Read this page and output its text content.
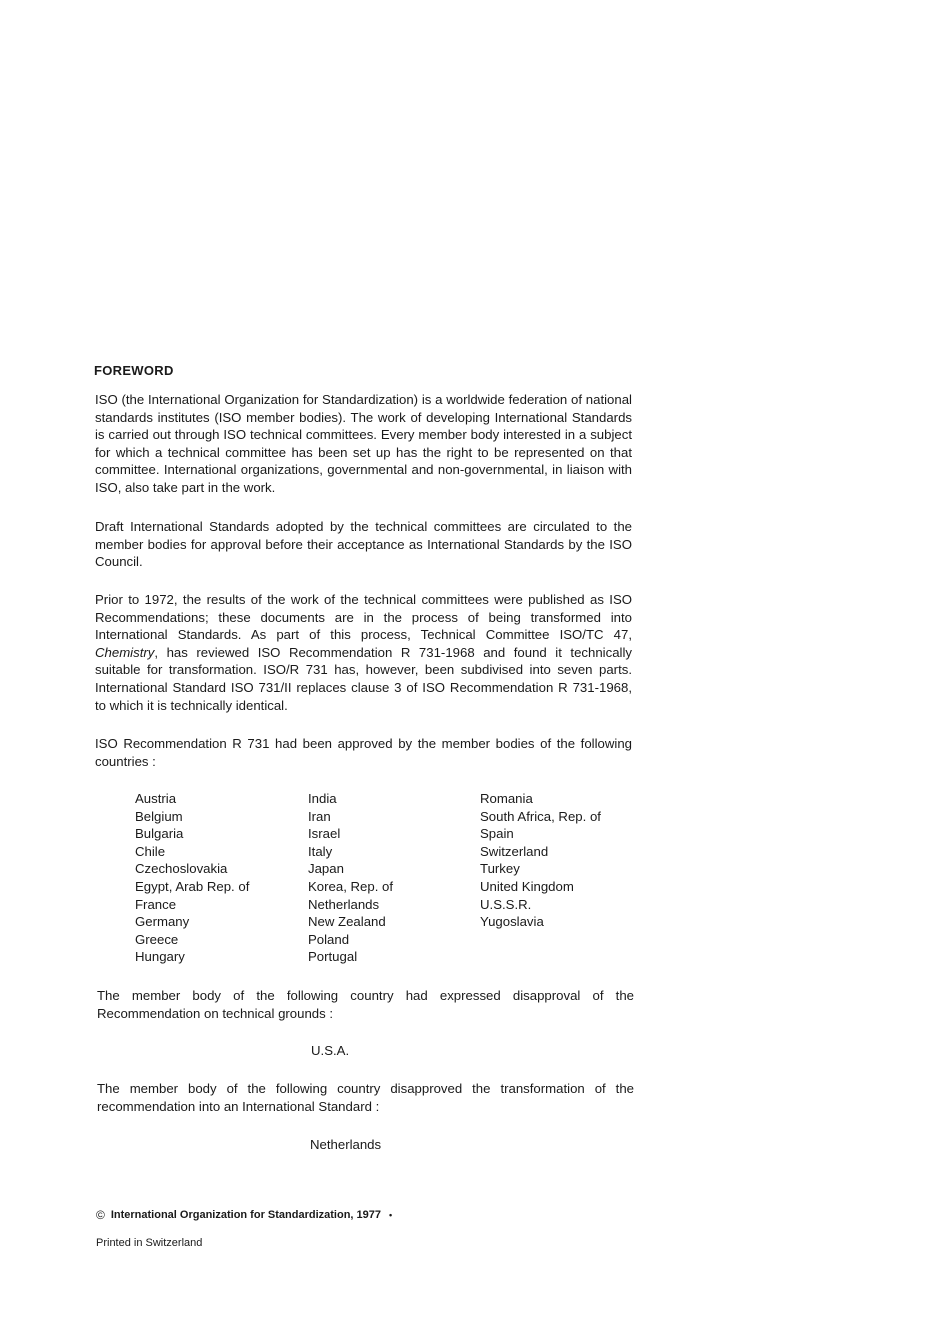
FOREWORD

ISO (the International Organization for Standardization) is a worldwide federation of national standards institutes (ISO member bodies). The work of developing International Standards is carried out through ISO technical committees. Every member body interested in a subject for which a technical committee has been set up has the right to be represented on that committee. International organizations, governmental and non-governmental, in liaison with ISO, also take part in the work.

Draft International Standards adopted by the technical committees are circulated to the member bodies for approval before their acceptance as International Standards by the ISO Council.

Prior to 1972, the results of the work of the technical committees were published as ISO Recommendations; these documents are in the process of being transformed into International Standards. As part of this process, Technical Committee ISO/TC 47, Chemistry, has reviewed ISO Recommendation R 731-1968 and found it technically suitable for transformation. ISO/R 731 has, however, been subdivised into seven parts. International Standard ISO 731/II replaces clause 3 of ISO Recommendation R 731-1968, to which it is technically identical.

ISO Recommendation R 731 had been approved by the member bodies of the following countries :

Austria
Belgium
Bulgaria
Chile
Czechoslovakia
Egypt, Arab Rep. of
France
Germany
Greece
Hungary
India
Iran
Israel
Italy
Japan
Korea, Rep. of
Netherlands
New Zealand
Poland
Portugal
Romania
South Africa, Rep. of
Spain
Switzerland
Turkey
United Kingdom
U.S.S.R.
Yugoslavia

The member body of the following country had expressed disapproval of the Recommendation on technical grounds :

U.S.A.

The member body of the following country disapproved the transformation of the recommendation into an International Standard :

Netherlands
© International Organization for Standardization, 1977 •
Printed in Switzerland
